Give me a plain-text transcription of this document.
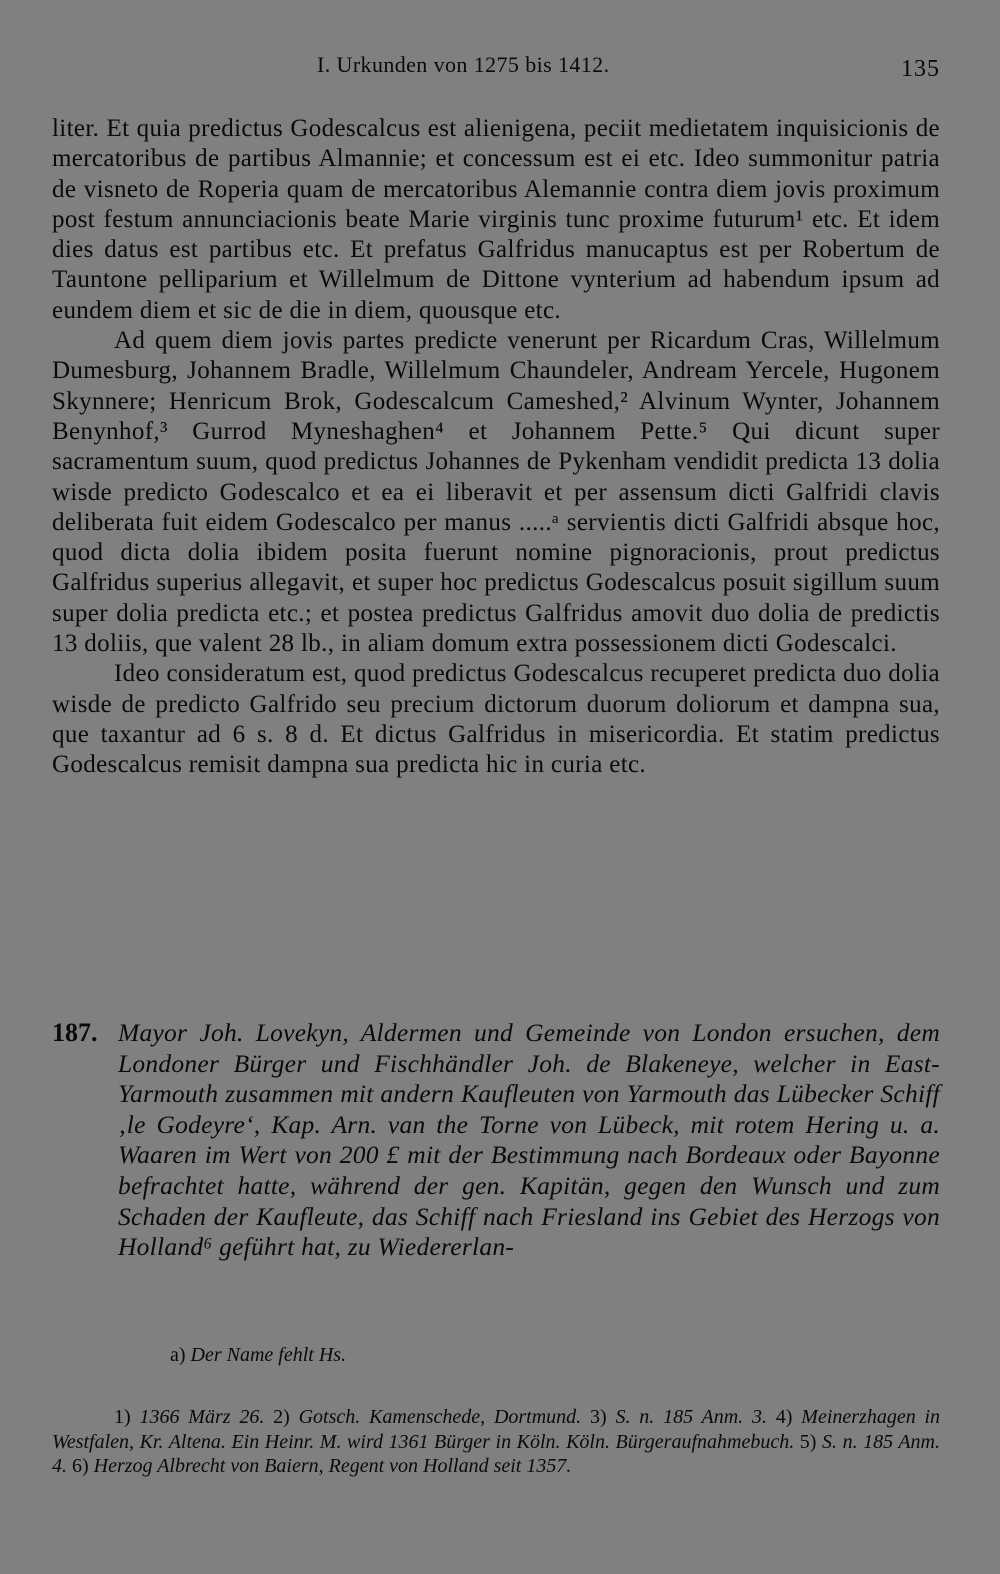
I. Urkunden von 1275 bis 1412.	135

liter. Et quia predictus Godescalcus est alienigena, peciit medietatem inquisicionis de mercatoribus de partibus Almannie; et concessum est ei etc. Ideo summonitur patria de visneto de Roperia quam de mercatoribus Alemannie contra diem jovis proximum post festum annunciacionis beate Marie virginis tunc proxime futurum¹ etc. Et idem dies datus est partibus etc. Et prefatus Galfridus manucaptus est per Robertum de Tauntone pelliparium et Willelmum de Dittone vynterium ad habendum ipsum ad eundem diem et sic de die in diem, quousque etc.

Ad quem diem jovis partes predicte venerunt per Ricardum Cras, Willelmum Dumesburg, Johannem Bradle, Willelmum Chaundeler, Andream Yercele, Hugonem Skynnere; Henricum Brok, Godescalcum Cameshed,² Alvinum Wynter, Johannem Benynhof,³ Gurrod Myneshaghen⁴ et Johannem Pette.⁵ Qui dicunt super sacramentum suum, quod predictus Johannes de Pykenham vendidit predicta 13 dolia wisde predicto Godescalco et ea ei liberavit et per assensum dicti Galfridi clavis deliberata fuit eidem Godescalco per manus .....ᵃ servientis dicti Galfridi absque hoc, quod dicta dolia ibidem posita fuerunt nomine pignoracionis, prout predictus Galfridus superius allegavit, et super hoc predictus Godescalcus posuit sigillum suum super dolia predicta etc.; et postea predictus Galfridus amovit duo dolia de predictis 13 doliis, que valent 28 lb., in aliam domum extra possessionem dicti Godescalci.

Ideo consideratum est, quod predictus Godescalcus recuperet predicta duo dolia wisde de predicto Galfrido seu precium dictorum duorum doliorum et dampna sua, que taxantur ad 6 s. 8 d. Et dictus Galfridus in misericordia. Et statim predictus Godescalcus remisit dampna sua predicta hic in curia etc.

187. Mayor Joh. Lovekyn, Aldermen und Gemeinde von London ersuchen, dem Londoner Bürger und Fischhändler Joh. de Blakeneye, welcher in East-Yarmouth zusammen mit andern Kaufleuten von Yarmouth das Lübecker Schiff ‚le Godeyre‘, Kap. Arn. van the Torne von Lübeck, mit rotem Hering u. a. Waaren im Wert von 200 £ mit der Bestimmung nach Bordeaux oder Bayonne befrachtet hatte, während der gen. Kapitän, gegen den Wunsch und zum Schaden der Kaufleute, das Schiff nach Friesland ins Gebiet des Herzogs von Holland⁶ geführt hat, zu Wiedererlan-

a) Der Name fehlt Hs.

1) 1366 März 26. 2) Gotsch. Kamenschede, Dortmund. 3) S. n. 185 Anm. 3. 4) Meinerzhagen in Westfalen, Kr. Altena. Ein Heinr. M. wird 1361 Bürger in Köln. Köln. Bürgeraufnahmebuch. 5) S. n. 185 Anm. 4. 6) Herzog Albrecht von Baiern, Regent von Holland seit 1357.
